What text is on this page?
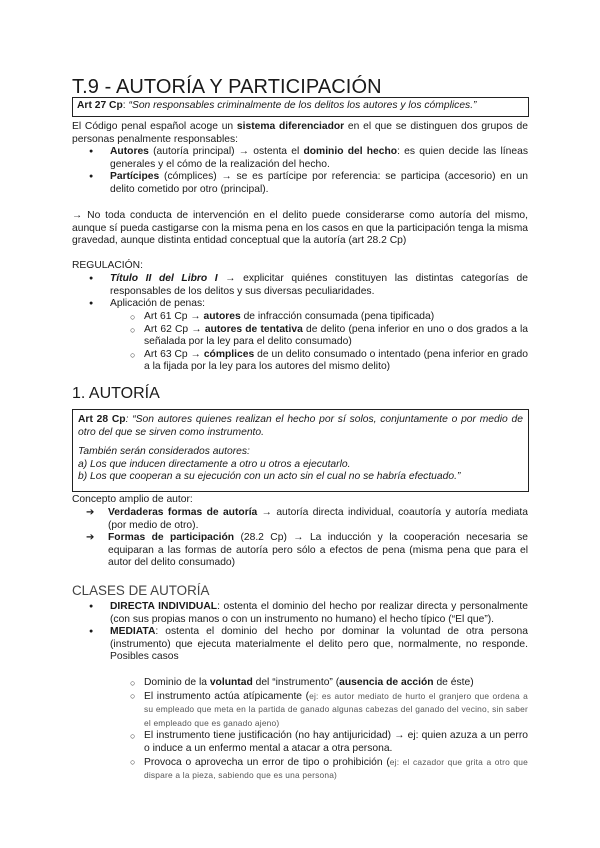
T.9 - AUTORÍA Y PARTICIPACIÓN
Art 27 Cp: “Son responsables criminalmente de los delitos los autores y los cómplices.”
El Código penal español acoge un sistema diferenciador en el que se distinguen dos grupos de personas penalmente responsables:
● Autores (autoría principal) → ostenta el dominio del hecho: es quien decide las líneas generales y el cómo de la realización del hecho.
● Partícipes (cómplices) → se es partícipe por referencia: se participa (accesorio) en un delito cometido por otro (principal).
→ No toda conducta de intervención en el delito puede considerarse como autoría del mismo, aunque sí pueda castigarse con la misma pena en los casos en que la participación tenga la misma gravedad, aunque distinta entidad conceptual que la autoría (art 28.2 Cp)
REGULACIÓN:
● Título II del Libro I → explicitar quiénes constituyen las distintas categorías de responsables de los delitos y sus diversas peculiaridades.
● Aplicación de penas:
○ Art 61 Cp → autores de infracción consumada (pena tipificada)
○ Art 62 Cp → autores de tentativa de delito (pena inferior en uno o dos grados a la señalada por la ley para el delito consumado)
○ Art 63 Cp → cómplices de un delito consumado o intentado (pena inferior en grado a la fijada por la ley para los autores del mismo delito)
1. AUTORÍA
Art 28 Cp: “Son autores quienes realizan el hecho por sí solos, conjuntamente o por medio de otro del que se sirven como instrumento.
También serán considerados autores:
a) Los que inducen directamente a otro u otros a ejecutarlo.
b) Los que cooperan a su ejecución con un acto sin el cual no se habría efectuado.”
Concepto amplio de autor:
➔ Verdaderas formas de autoría → autoría directa individual, coautoría y autoría mediata (por medio de otro).
➔ Formas de participación (28.2 Cp) → La inducción y la cooperación necesaria se equiparan a las formas de autoría pero sólo a efectos de pena (misma pena que para el autor del delito consumado)
CLASES DE AUTORÍA
● DIRECTA INDIVIDUAL: ostenta el dominio del hecho por realizar directa y personalmente (con sus propias manos o con un instrumento no humano) el hecho típico (“El que”).
● MEDIATA: ostenta el dominio del hecho por dominar la voluntad de otra persona (instrumento) que ejecuta materialmente el delito pero que, normalmente, no responde. Posibles casos
○ Dominio de la voluntad del “instrumento” (ausencia de acción de éste)
○ El instrumento actúa atípicamente (ej: es autor mediato de hurto el granjero que ordena a su empleado que meta en la partida de ganado algunas cabezas del ganado del vecino, sin saber el empleado que es ganado ajeno)
○ El instrumento tiene justificación (no hay antijuricidad) → ej: quien azuza a un perro o induce a un enfermo mental a atacar a otra persona.
○ Provoca o aprovecha un error de tipo o prohibición (ej: el cazador que grita a otro que dispare a la pieza, sabiendo que es una persona)
